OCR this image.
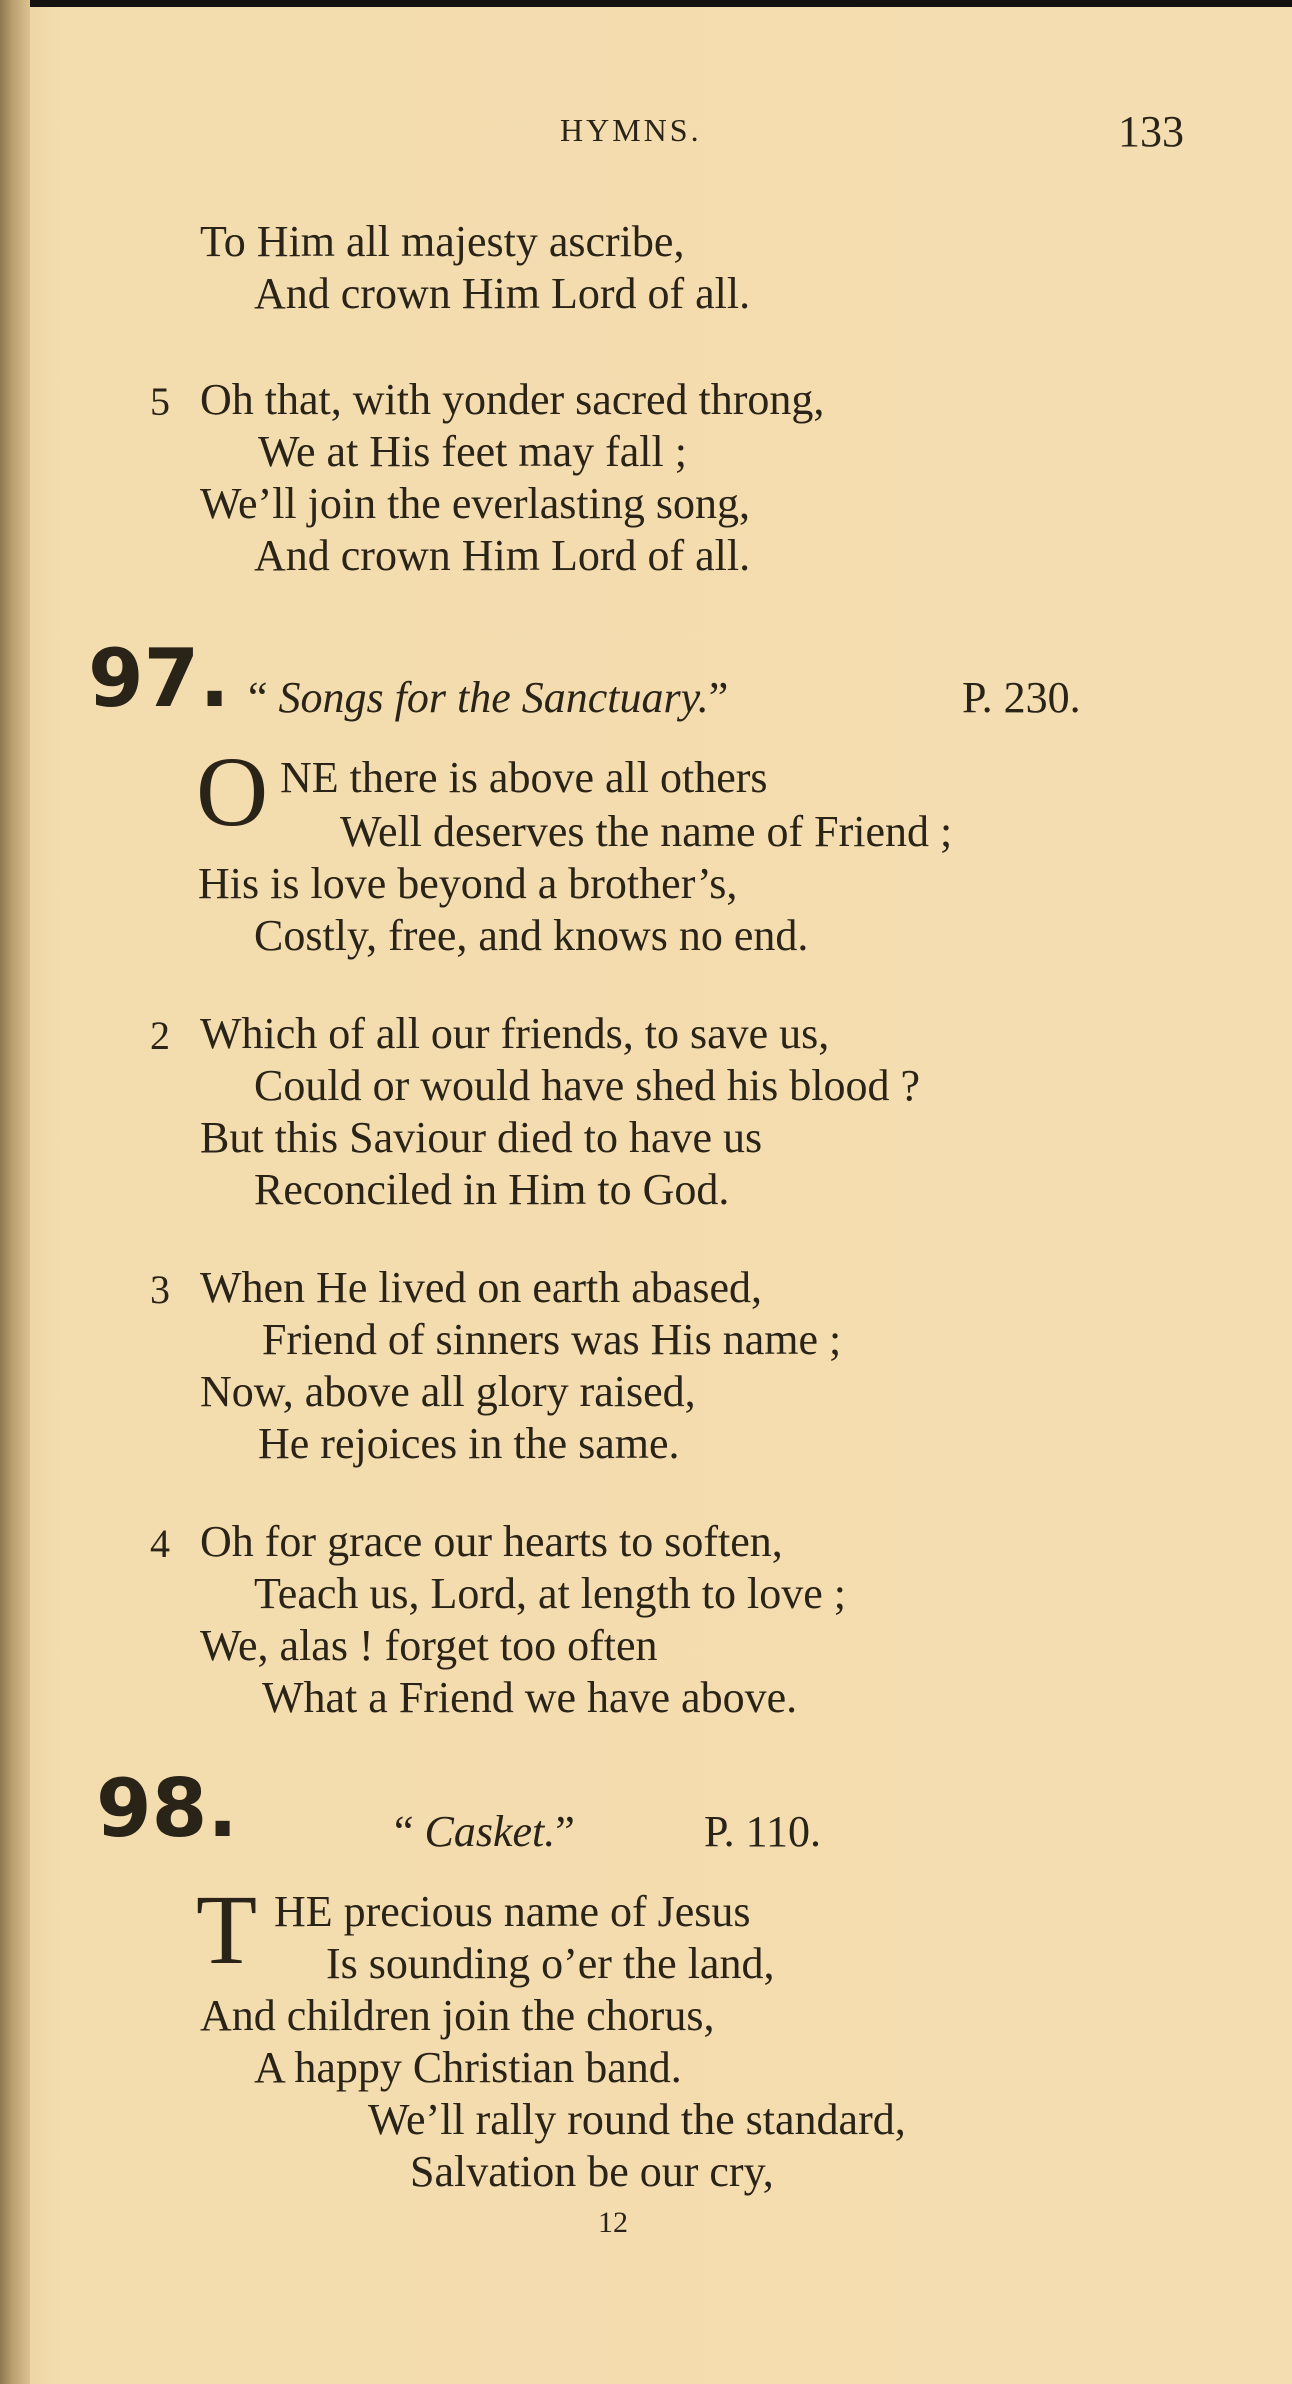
HYMNS.	133
To Him all majesty ascribe,
And crown Him Lord of all.
5 Oh that, with yonder sacred throng,
We at His feet may fall ;
We’ll join the everlasting song,
And crown Him Lord of all.
97. “ Songs for the Sanctuary.”	P. 230.
O NE there is above all others
Well deserves the name of Friend ;
His is love beyond a brother’s,
Costly, free, and knows no end.
2 Which of all our friends, to save us,
Could or would have shed his blood ?
But this Saviour died to have us
Reconciled in Him to God.
3 When He lived on earth abased,
Friend of sinners was His name ;
Now, above all glory raised,
He rejoices in the same.
4 Oh for grace our hearts to soften,
Teach us, Lord, at length to love ;
We, alas ! forget too often
What a Friend we have above.
98.	“ Casket.”	P. 110.
T HE precious name of Jesus
Is sounding o’er the land,
And children join the chorus,
A happy Christian band.
We’ll rally round the standard,
Salvation be our cry,
12
